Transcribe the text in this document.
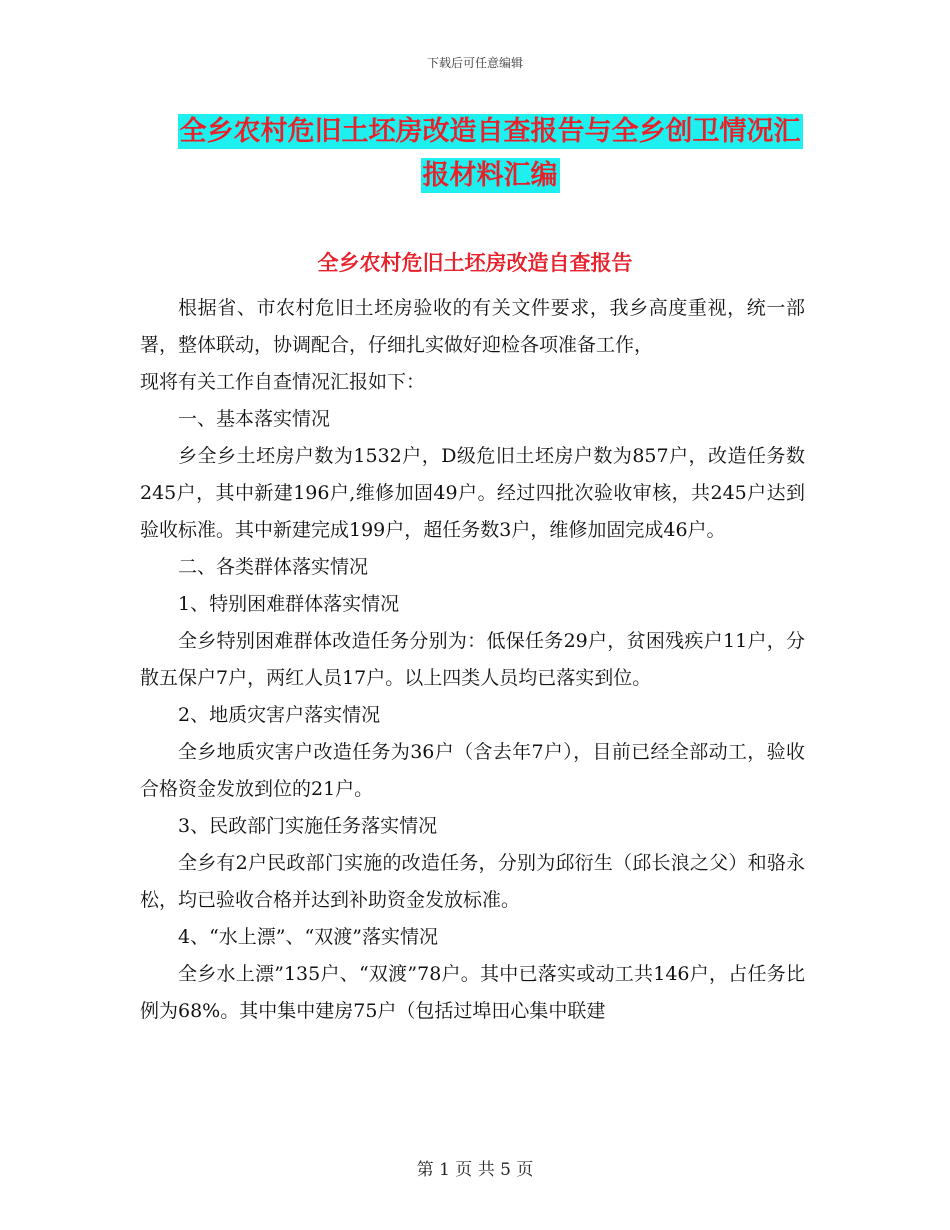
下载后可任意编辑
全乡农村危旧土坯房改造自查报告与全乡创卫情况汇
报材料汇编
全乡农村危旧土坯房改造自查报告

根据省、市农村危旧土坯房验收的有关文件要求，我乡高度重视，统一部署，整体联动，协调配合，仔细扎实做好迎检各项准备工作，

现将有关工作自查情况汇报如下：

一、基本落实情况

乡全乡土坯房户数为1532户，D级危旧土坯房户数为857户，改造任务数245户，其中新建196户,维修加固49户。经过四批次验收审核，共245户达到验收标准。其中新建完成199户，超任务数3户，维修加固完成46户。

二、各类群体落实情况

1、特别困难群体落实情况

全乡特别困难群体改造任务分别为：低保任务29户，贫困残疾户11户，分散五保户7户，两红人员17户。以上四类人员均已落实到位。

2、地质灾害户落实情况

全乡地质灾害户改造任务为36户（含去年7户），目前已经全部动工，验收合格资金发放到位的21户。

3、民政部门实施任务落实情况

全乡有2户民政部门实施的改造任务，分别为邱衍生（邱长浪之父）和骆永松，均已验收合格并达到补助资金发放标准。

4、“水上漂”、“双渡”落实情况

全乡水上漂”135户、“双渡”78户。其中已落实或动工共146户，占任务比例为68%。其中集中建房75户（包括过埠田心集中联建

第 1 页 共 5 页
